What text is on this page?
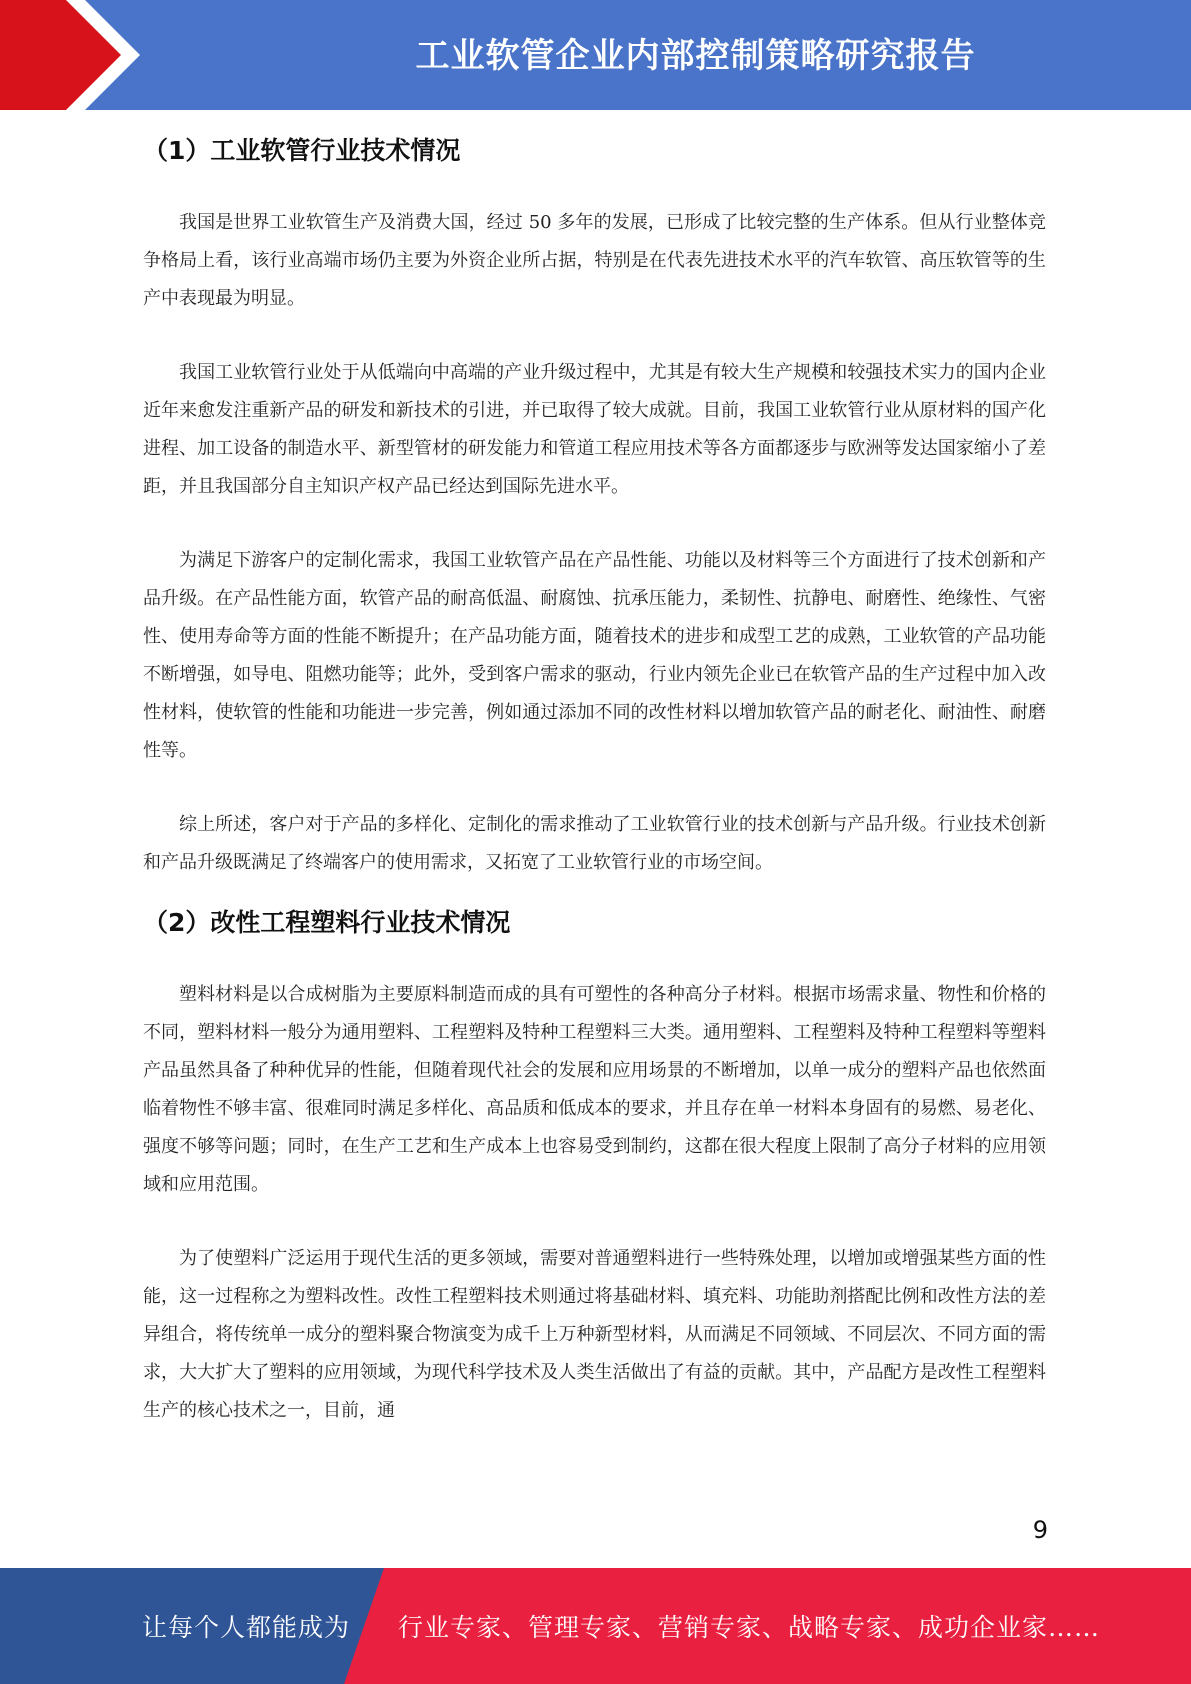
工业软管企业内部控制策略研究报告
（1）工业软管行业技术情况

我国是世界工业软管生产及消费大国，经过 50 多年的发展，已形成了比较完整的生产体系。但从行业整体竞争格局上看，该行业高端市场仍主要为外资企业所占据，特别是在代表先进技术水平的汽车软管、高压软管等的生产中表现最为明显。

我国工业软管行业处于从低端向中高端的产业升级过程中，尤其是有较大生产规模和较强技术实力的国内企业近年来愈发注重新产品的研发和新技术的引进，并已取得了较大成就。目前，我国工业软管行业从原材料的国产化进程、加工设备的制造水平、新型管材的研发能力和管道工程应用技术等各方面都逐步与欧洲等发达国家缩小了差距，并且我国部分自主知识产权产品已经达到国际先进水平。

为满足下游客户的定制化需求，我国工业软管产品在产品性能、功能以及材料等三个方面进行了技术创新和产品升级。在产品性能方面，软管产品的耐高低温、耐腐蚀、抗承压能力，柔韧性、抗静电、耐磨性、绝缘性、气密性、使用寿命等方面的性能不断提升；在产品功能方面，随着技术的进步和成型工艺的成熟，工业软管的产品功能不断增强，如导电、阻燃功能等；此外，受到客户需求的驱动，行业内领先企业已在软管产品的生产过程中加入改性材料，使软管的性能和功能进一步完善，例如通过添加不同的改性材料以增加软管产品的耐老化、耐油性、耐磨性等。

综上所述，客户对于产品的多样化、定制化的需求推动了工业软管行业的技术创新与产品升级。行业技术创新和产品升级既满足了终端客户的使用需求，又拓宽了工业软管行业的市场空间。

（2）改性工程塑料行业技术情况

塑料材料是以合成树脂为主要原料制造而成的具有可塑性的各种高分子材料。根据市场需求量、物性和价格的不同，塑料材料一般分为通用塑料、工程塑料及特种工程塑料三大类。通用塑料、工程塑料及特种工程塑料等塑料产品虽然具备了种种优异的性能，但随着现代社会的发展和应用场景的不断增加，以单一成分的塑料产品也依然面临着物性不够丰富、很难同时满足多样化、高品质和低成本的要求，并且存在单一材料本身固有的易燃、易老化、强度不够等问题；同时，在生产工艺和生产成本上也容易受到制约，这都在很大程度上限制了高分子材料的应用领域和应用范围。

为了使塑料广泛运用于现代生活的更多领域，需要对普通塑料进行一些特殊处理，以增加或增强某些方面的性能，这一过程称之为塑料改性。改性工程塑料技术则通过将基础材料、填充料、功能助剂搭配比例和改性方法的差异组合，将传统单一成分的塑料聚合物演变为成千上万种新型材料，从而满足不同领域、不同层次、不同方面的需求，大大扩大了塑料的应用领域，为现代科学技术及人类生活做出了有益的贡献。其中，产品配方是改性工程塑料生产的核心技术之一，目前，通

9
让每个人都能成为 行业专家、管理专家、营销专家、战略专家、成功企业家……
